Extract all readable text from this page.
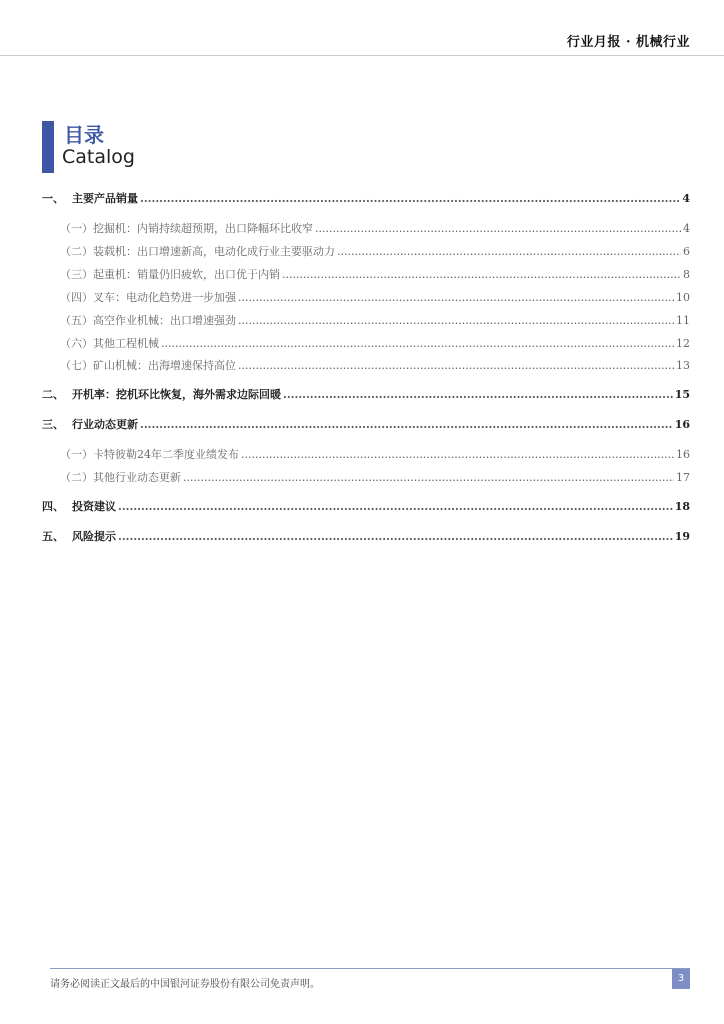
行业月报 · 机械行业
目录
Catalog
一、 主要产品销量 .....	4
（一）挖掘机：内销持续超预期，出口降幅环比收窄 .....	4
（二）装载机：出口增速新高，电动化成行业主要驱动力 .....	6
（三）起重机：销量仍旧疲软，出口优于内销 .....	8
（四）叉车：电动化趋势进一步加强 .....	10
（五）高空作业机械：出口增速强劲 .....	11
（六）其他工程机械 .....	12
（七）矿山机械：出海增速保持高位 .....	13
二、 开机率：挖机环比恢复，海外需求边际回暖 .....	15
三、 行业动态更新 .....	16
（一）卡特彼勒24年二季度业绩发布 .....	16
（二）其他行业动态更新 .....	17
四、 投资建议 .....	18
五、 风险提示 .....	19
请务必阅读正文最后的中国银河证券股份有限公司免责声明。
3
